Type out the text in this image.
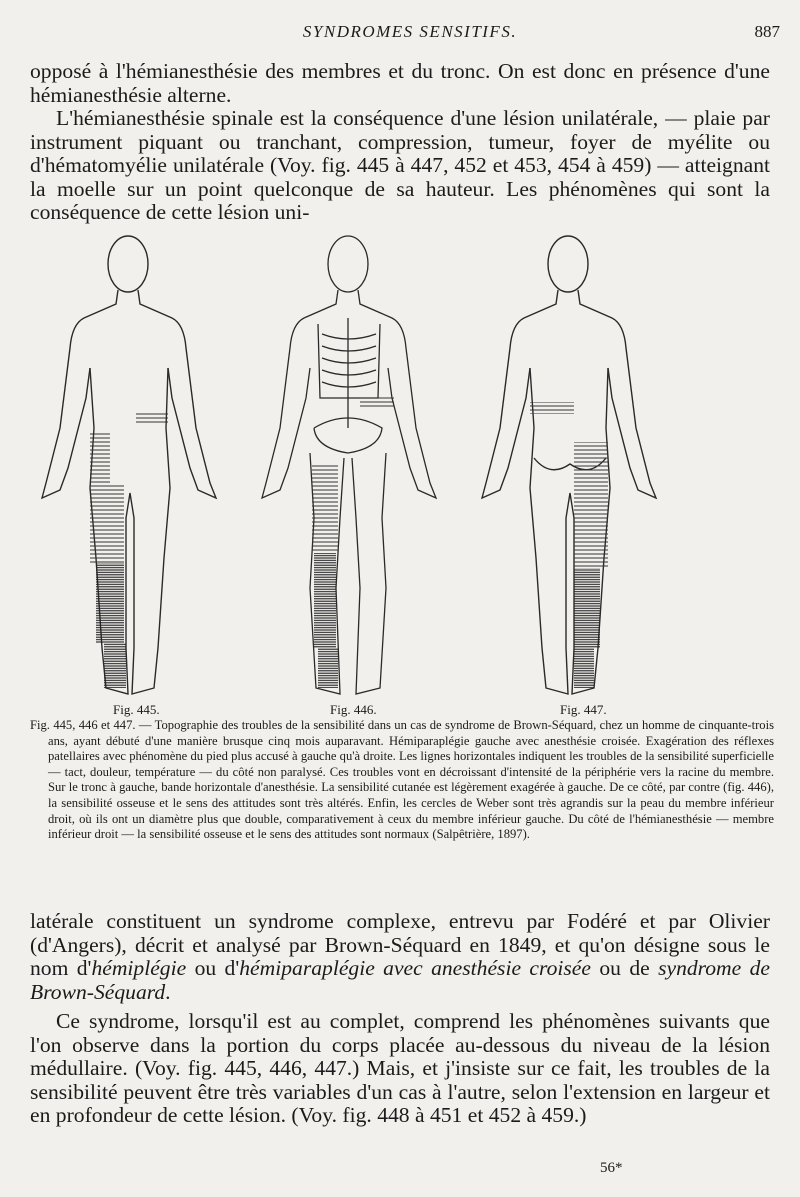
SYNDROMES SENSITIFS.	887

opposé à l'hémianesthésie des membres et du tronc. On est donc en présence d'une hémianesthésie alterne.

L'hémianesthésie spinale est la conséquence d'une lésion unilatérale, — plaie par instrument piquant ou tranchant, compression, tumeur, foyer de myélite ou d'hématomyélie unilatérale (Voy. fig. 445 à 447, 452 et 453, 454 à 459) — atteignant la moelle sur un point quelconque de sa hauteur. Les phénomènes qui sont la conséquence de cette lésion uni-

Fig. 445.	Fig. 446.	Fig. 447.

Fig. 445, 446 et 447. — Topographie des troubles de la sensibilité dans un cas de syndrome de Brown-Séquard, chez un homme de cinquante-trois ans, ayant débuté d'une manière brusque cinq mois auparavant. Hémiparaplégie gauche avec anesthésie croisée. Exagération des réflexes patellaires avec phénomène du pied plus accusé à gauche qu'à droite. Les lignes horizontales indiquent les troubles de la sensibilité superficielle — tact, douleur, température — du côté non paralysé. Ces troubles vont en décroissant d'intensité de la périphérie vers la racine du membre. Sur le tronc à gauche, bande horizontale d'anesthésie. La sensibilité cutanée est légèrement exagérée à gauche. De ce côté, par contre (fig. 446), la sensibilité osseuse et le sens des attitudes sont très altérés. Enfin, les cercles de Weber sont très agrandis sur la peau du membre inférieur droit, où ils ont un diamètre plus que double, comparativement à ceux du membre inférieur gauche. Du côté de l'hémianesthésie — membre inférieur droit — la sensibilité osseuse et le sens des attitudes sont normaux (Salpêtrière, 1897).

latérale constituent un syndrome complexe, entrevu par Fodéré et par Olivier (d'Angers), décrit et analysé par Brown-Séquard en 1849, et qu'on désigne sous le nom d'hémiplégie ou d'hémiparaplégie avec anesthésie croisée ou de syndrome de Brown-Séquard.

Ce syndrome, lorsqu'il est au complet, comprend les phénomènes suivants que l'on observe dans la portion du corps placée au-dessous du niveau de la lésion médullaire. (Voy. fig. 445, 446, 447.) Mais, et j'insiste sur ce fait, les troubles de la sensibilité peuvent être très variables d'un cas à l'autre, selon l'extension en largeur et en profondeur de cette lésion. (Voy. fig. 448 à 451 et 452 à 459.)

56*
